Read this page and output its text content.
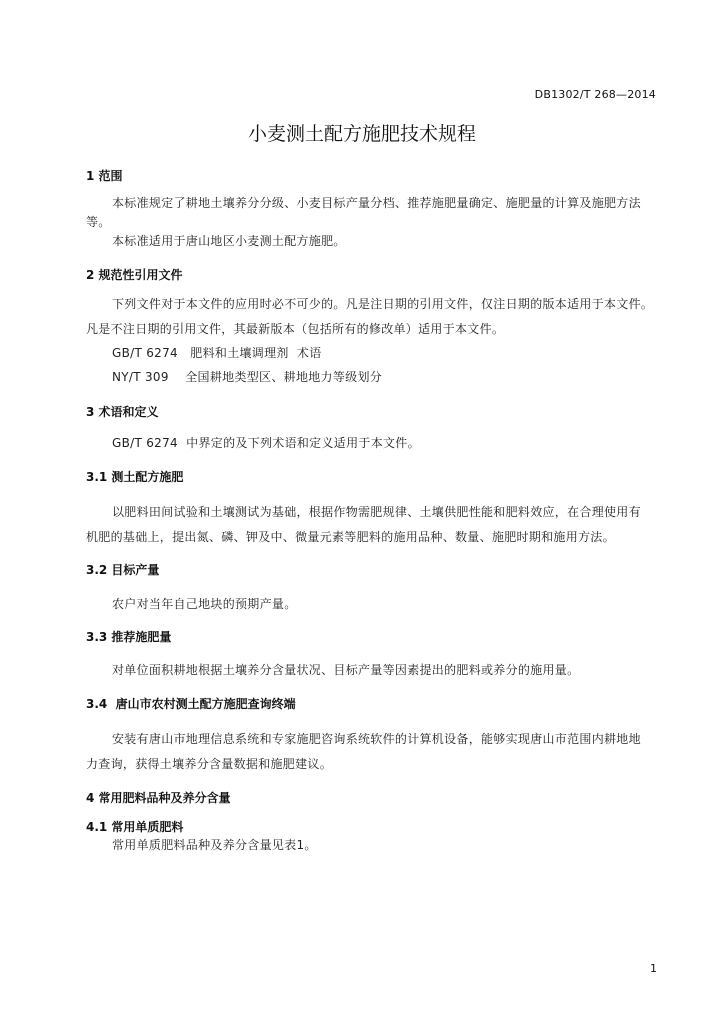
DB1302/T 268—2014
小麦测土配方施肥技术规程
1 范围
本标准规定了耕地土壤养分分级、小麦目标产量分档、推荐施肥量确定、施肥量的计算及施肥方法
等。
本标准适用于唐山地区小麦测土配方施肥。
2 规范性引用文件
下列文件对于本文件的应用时必不可少的。凡是注日期的引用文件，仅注日期的版本适用于本文件。
凡是不注日期的引用文件，其最新版本（包括所有的修改单）适用于本文件。
GB/T 6274   肥料和土壤调理剂  术语
NY/T 309    全国耕地类型区、耕地地力等级划分
3 术语和定义
GB/T 6274  中界定的及下列术语和定义适用于本文件。
3.1 测土配方施肥
以肥料田间试验和土壤测试为基础，根据作物需肥规律、土壤供肥性能和肥料效应，在合理使用有
机肥的基础上，提出氮、磷、钾及中、微量元素等肥料的施用品种、数量、施肥时期和施用方法。
3.2 目标产量
农户对当年自己地块的预期产量。
3.3 推荐施肥量
对单位面积耕地根据土壤养分含量状况、目标产量等因素提出的肥料或养分的施用量。
3.4  唐山市农村测土配方施肥查询终端
安装有唐山市地理信息系统和专家施肥咨询系统软件的计算机设备，能够实现唐山市范围内耕地地
力查询，获得土壤养分含量数据和施肥建议。
4 常用肥料品种及养分含量
4.1 常用单质肥料
常用单质肥料品种及养分含量见表1。
1
